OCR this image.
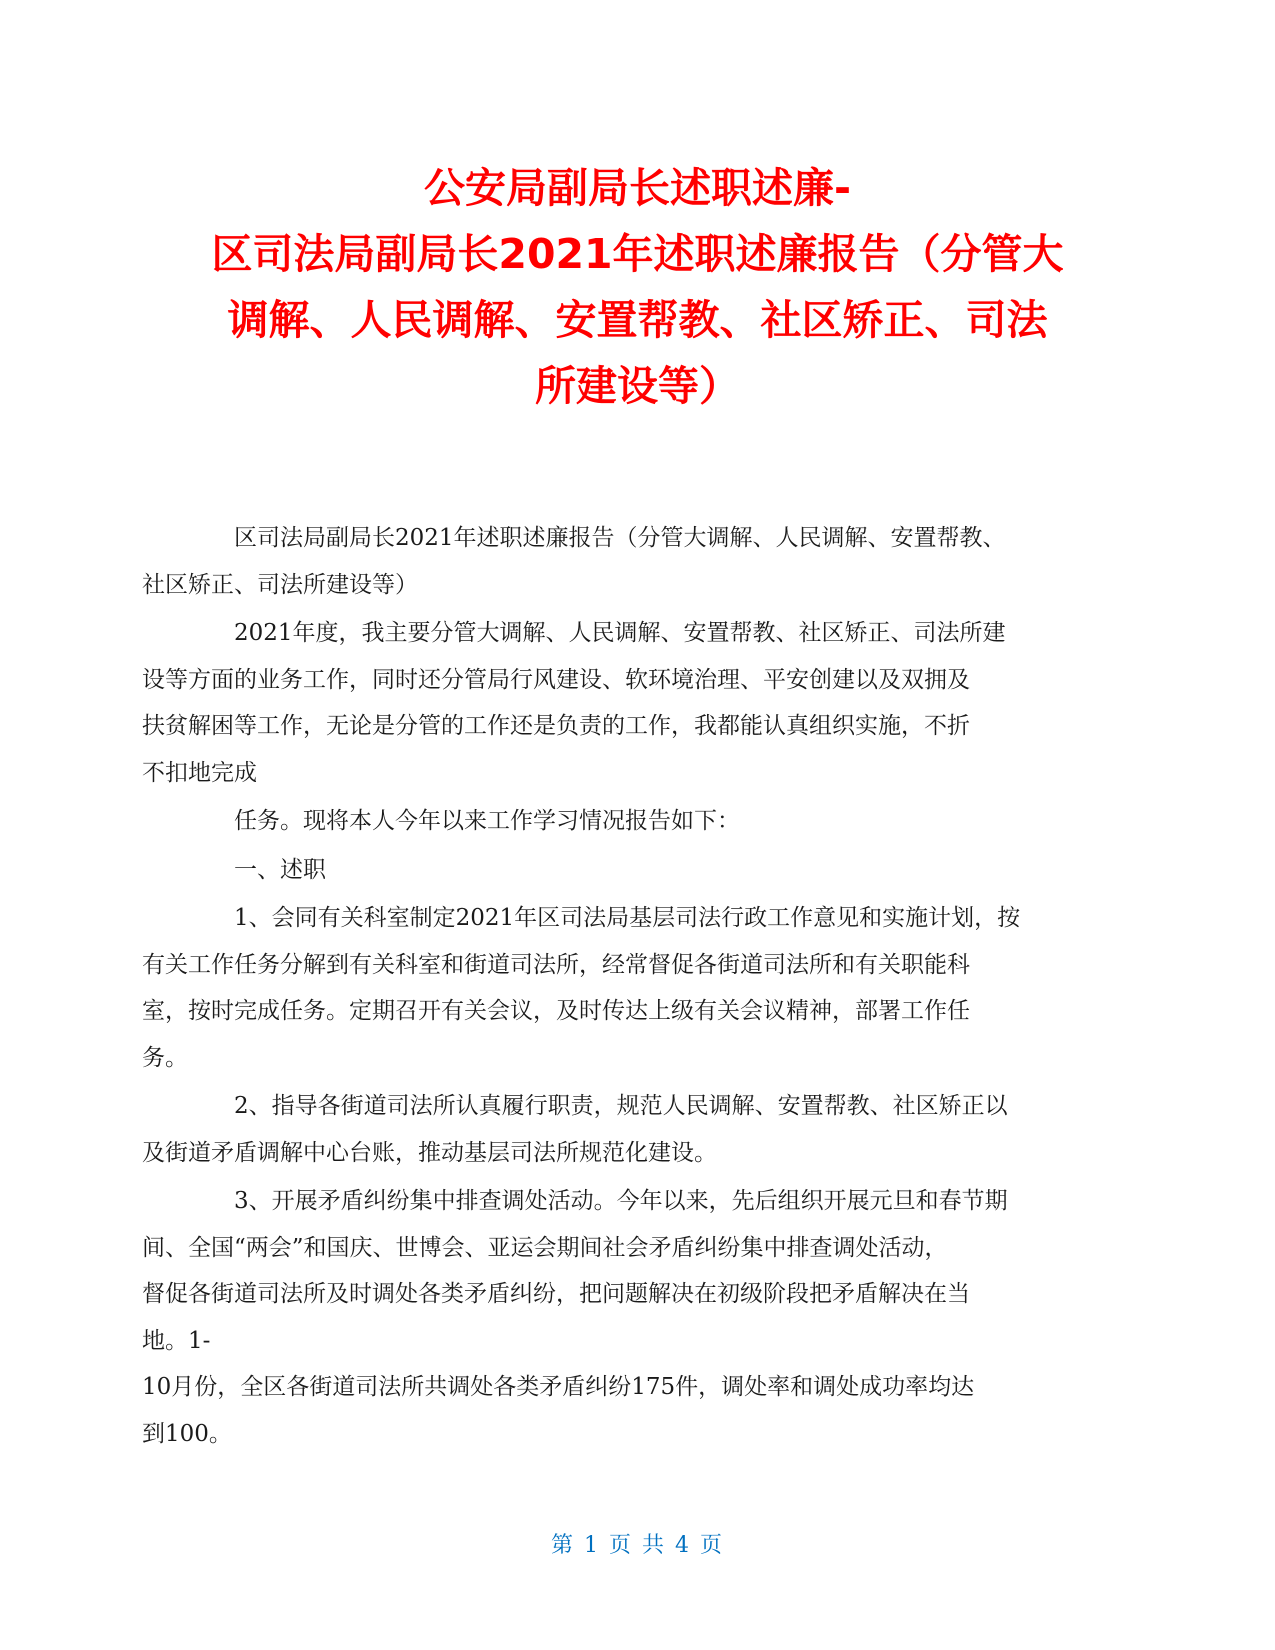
公安局副局长述职述廉-
区司法局副局长2021年述职述廉报告（分管大
调解、人民调解、安置帮教、社区矫正、司法
所建设等）

区司法局副局长2021年述职述廉报告（分管大调解、人民调解、安置帮教、
社区矫正、司法所建设等）

2021年度，我主要分管大调解、人民调解、安置帮教、社区矫正、司法所建
设等方面的业务工作，同时还分管局行风建设、软环境治理、平安创建以及双拥及
扶贫解困等工作，无论是分管的工作还是负责的工作，我都能认真组织实施，不折
不扣地完成

任务。现将本人今年以来工作学习情况报告如下：

一、述职

1、会同有关科室制定2021年区司法局基层司法行政工作意见和实施计划，按
有关工作任务分解到有关科室和街道司法所，经常督促各街道司法所和有关职能科
室，按时完成任务。定期召开有关会议，及时传达上级有关会议精神，部署工作任
务。

2、指导各街道司法所认真履行职责，规范人民调解、安置帮教、社区矫正以
及街道矛盾调解中心台账，推动基层司法所规范化建设。

3、开展矛盾纠纷集中排查调处活动。今年以来，先后组织开展元旦和春节期
间、全国“两会”和国庆、世博会、亚运会期间社会矛盾纠纷集中排查调处活动，
督促各街道司法所及时调处各类矛盾纠纷，把问题解决在初级阶段把矛盾解决在当
地。1-
10月份，全区各街道司法所共调处各类矛盾纠纷175件，调处率和调处成功率均达
到100。

第 1 页 共 4 页
